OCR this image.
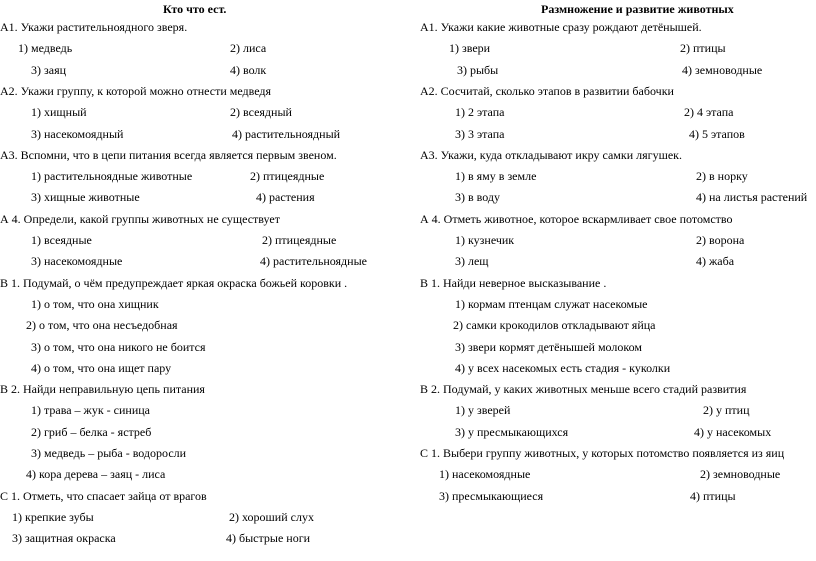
Кто что ест.
А1. Укажи растительноядного зверя.
1) медведь	2) лиса
3) заяц	4) волк
А2. Укажи группу, к которой можно отнести медведя
1) хищный	2) всеядный
3) насекомоядный	4) растительноядный
А3. Вспомни, что в цепи питания всегда является первым звеном.
1) растительноядные животные	2) птицеядные
3) хищные животные	4) растения
А 4. Определи, какой группы животных не существует
1) всеядные	2) птицеядные
3) насекомоядные	4) растительноядные
В 1. Подумай, о чём предупреждает яркая окраска божьей коровки .
1) о том, что она хищник
2) о том, что она несъедобная
3) о том, что она никого не боится
4) о том, что она ищет пару
В 2. Найди неправильную цепь питания
1) трава – жук - синица
2) гриб – белка - ястреб
3) медведь – рыба - водоросли
4) кора дерева – заяц - лиса
С 1. Отметь, что спасает зайца от врагов
1) крепкие зубы	2) хороший слух
3) защитная окраска	4) быстрые ноги
Размножение и развитие животных
А1. Укажи какие животные сразу рождают детёнышей.
1) звери	2) птицы
3) рыбы	4) земноводные
А2. Сосчитай, сколько этапов в развитии бабочки
1) 2 этапа	2) 4 этапа
3) 3 этапа	4) 5 этапов
А3. Укажи, куда откладывают икру самки лягушек.
1) в яму в земле	2) в норку
3) в воду	4) на листья растений
А 4. Отметь животное, которое вскармливает свое потомство
1) кузнечик	2) ворона
3) лещ	4) жаба
В 1. Найди неверное высказывание .
1) кормам птенцам служат насекомые
2) самки крокодилов откладывают яйца
3) звери кормят детёнышей молоком
4) у всех насекомых есть стадия - куколки
В 2. Подумай, у каких животных меньше всего стадий развития
1) у зверей	2) у птиц
3) у пресмыкающихся	4) у насекомых
С 1. Выбери группу животных, у которых потомство появляется из яиц
1) насекомоядные	2) земноводные
3) пресмыкающиеся	4) птицы
